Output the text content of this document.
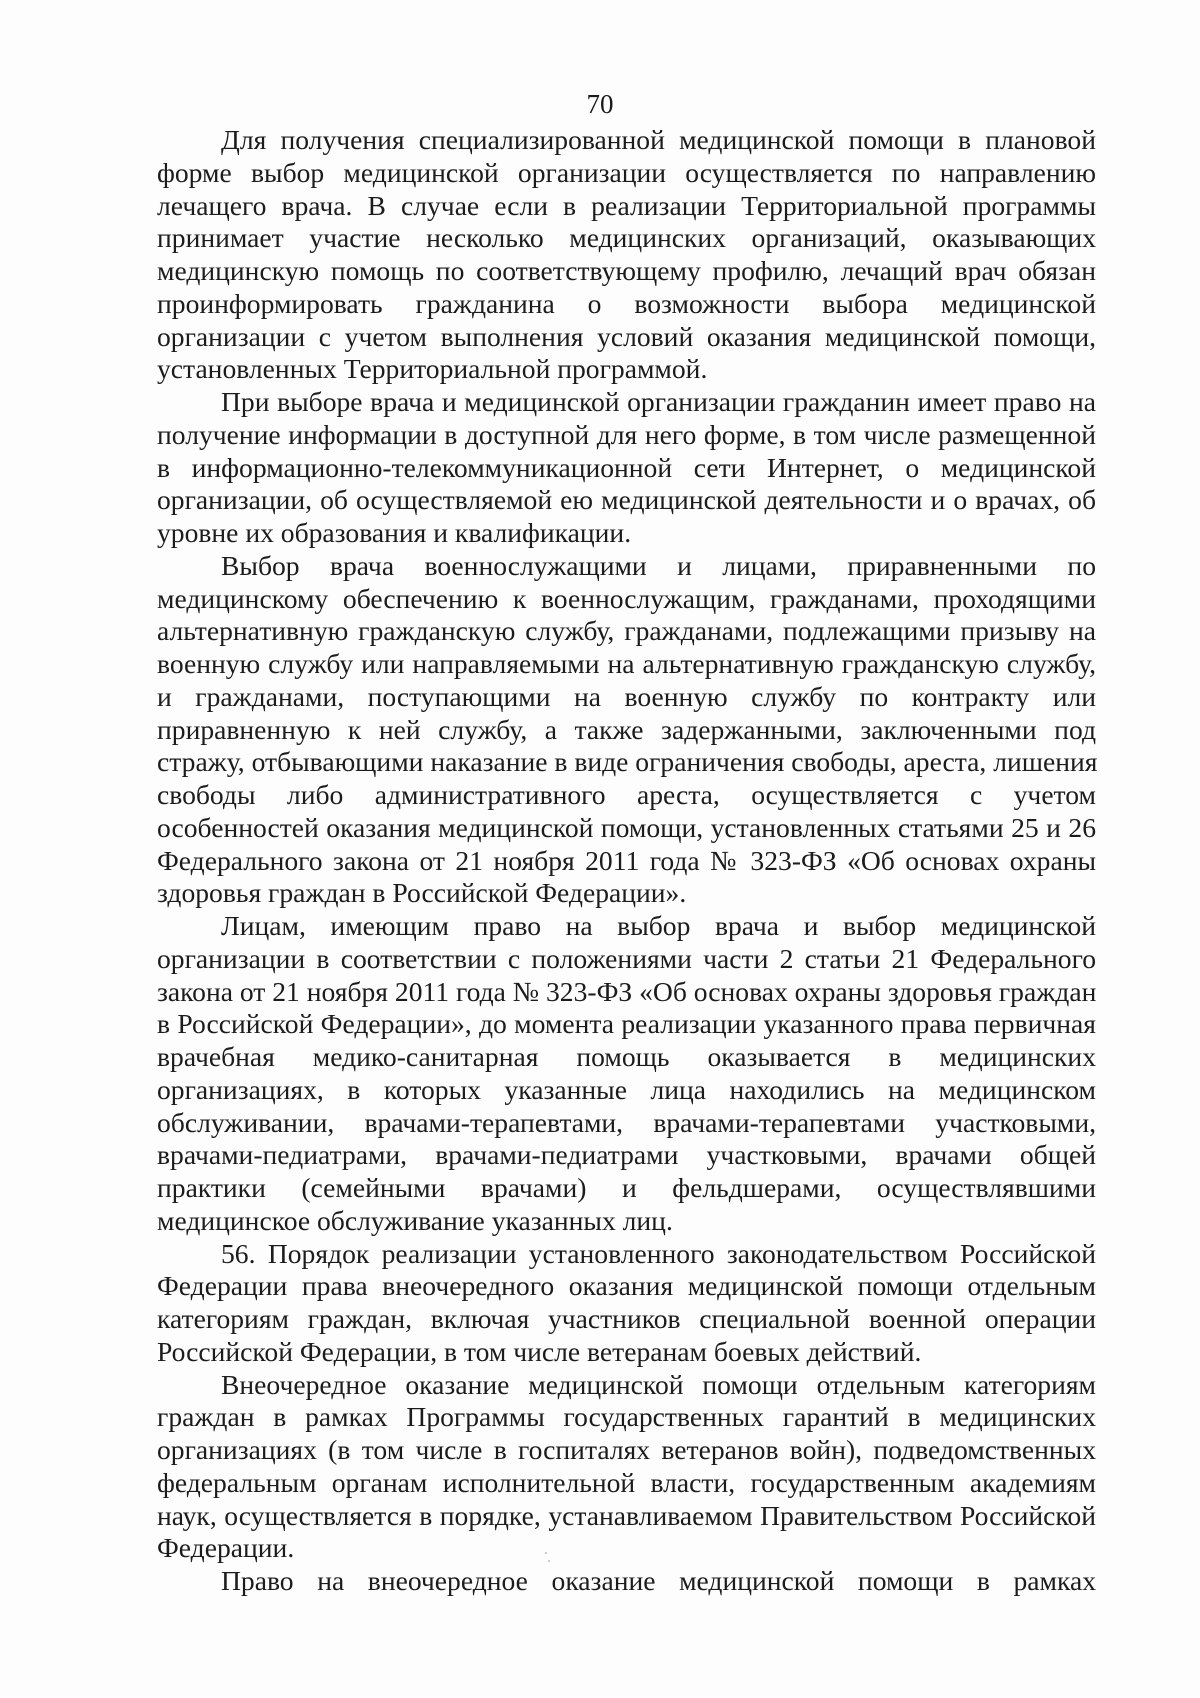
70
Для получения специализированной медицинской помощи в плановой
форме выбор медицинской организации осуществляется по направлению
лечащего врача. В случае если в реализации Территориальной программы
принимает участие несколько медицинских организаций, оказывающих
медицинскую помощь по соответствующему профилю, лечащий врач обязан
проинформировать гражданина о возможности выбора медицинской
организации с учетом выполнения условий оказания медицинской помощи,
установленных Территориальной программой.
При выборе врача и медицинской организации гражданин имеет право на
получение информации в доступной для него форме, в том числе размещенной
в информационно-телекоммуникационной сети Интернет, о медицинской
организации, об осуществляемой ею медицинской деятельности и о врачах, об
уровне их образования и квалификации.
Выбор врача военнослужащими и лицами, приравненными по
медицинскому обеспечению к военнослужащим, гражданами, проходящими
альтернативную гражданскую службу, гражданами, подлежащими призыву на
военную службу или направляемыми на альтернативную гражданскую службу,
и гражданами, поступающими на военную службу по контракту или
приравненную к ней службу, а также задержанными, заключенными под
стражу, отбывающими наказание в виде ограничения свободы, ареста, лишения
свободы либо административного ареста, осуществляется с учетом
особенностей оказания медицинской помощи, установленных статьями 25 и 26
Федерального закона от 21 ноября 2011 года № 323-ФЗ «Об основах охраны
здоровья граждан в Российской Федерации».
Лицам, имеющим право на выбор врача и выбор медицинской
организации в соответствии с положениями части 2 статьи 21 Федерального
закона от 21 ноября 2011 года № 323-ФЗ «Об основах охраны здоровья граждан
в Российской Федерации», до момента реализации указанного права первичная
врачебная медико-санитарная помощь оказывается в медицинских
организациях, в которых указанные лица находились на медицинском
обслуживании, врачами-терапевтами, врачами-терапевтами участковыми,
врачами-педиатрами, врачами-педиатрами участковыми, врачами общей
практики (семейными врачами) и фельдшерами, осуществлявшими
медицинское обслуживание указанных лиц.
56. Порядок реализации установленного законодательством Российской
Федерации права внеочередного оказания медицинской помощи отдельным
категориям граждан, включая участников специальной военной операции
Российской Федерации, в том числе ветеранам боевых действий.
Внеочередное оказание медицинской помощи отдельным категориям
граждан в рамках Программы государственных гарантий в медицинских
организациях (в том числе в госпиталях ветеранов войн), подведомственных
федеральным органам исполнительной власти, государственным академиям
наук, осуществляется в порядке, устанавливаемом Правительством Российской
Федерации.
Право на внеочередное оказание медицинской помощи в рамках
